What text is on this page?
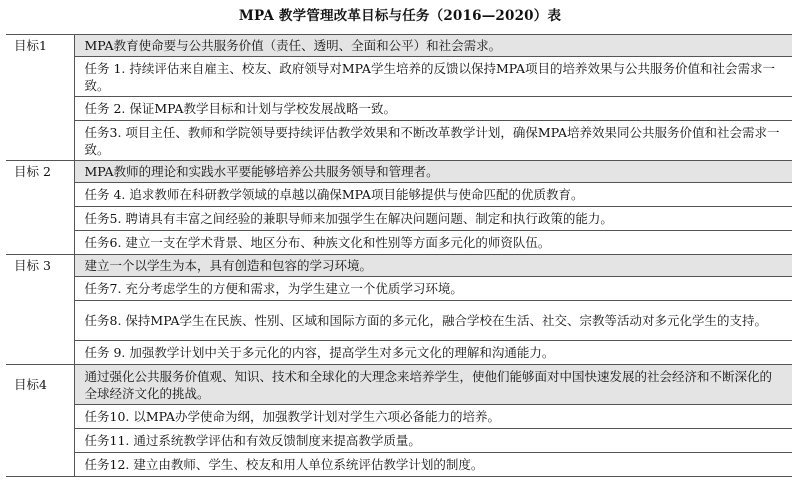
MPA 教学管理改革目标与任务（2016—2020）表
目标1	MPA教育使命要与公共服务价值（责任、透明、全面和公平）和社会需求。
	任务 1. 持续评估来自雇主、校友、政府领导对MPA学生培养的反馈以保持MPA项目的培养效果与公共服务价值和社会需求一致。
	任务 2. 保证MPA教学目标和计划与学校发展战略一致。
	任务3. 项目主任、教师和学院领导要持续评估教学效果和不断改革教学计划，确保MPA培养效果同公共服务价值和社会需求一致。
目标 2	MPA教师的理论和实践水平要能够培养公共服务领导和管理者。
	任务 4. 追求教师在科研教学领域的卓越以确保MPA项目能够提供与使命匹配的优质教育。
	任务5. 聘请具有丰富之间经验的兼职导师来加强学生在解决问题问题、制定和执行政策的能力。
	任务6. 建立一支在学术背景、地区分布、种族文化和性别等方面多元化的师资队伍。
目标 3	建立一个以学生为本，具有创造和包容的学习环境。
	任务7. 充分考虑学生的方便和需求，为学生建立一个优质学习环境。
	任务8. 保持MPA学生在民族、性别、区域和国际方面的多元化，融合学校在生活、社交、宗教等活动对多元化学生的支持。
	任务 9. 加强教学计划中关于多元化的内容，提高学生对多元文化的理解和沟通能力。
目标4	通过强化公共服务价值观、知识、技术和全球化的大理念来培养学生，使他们能够面对中国快速发展的社会经济和不断深化的全球经济文化的挑战。
	任务10. 以MPA办学使命为纲，加强教学计划对学生六项必备能力的培养。
	任务11. 通过系统教学评估和有效反馈制度来提高教学质量。
	任务12. 建立由教师、学生、校友和用人单位系统评估教学计划的制度。
